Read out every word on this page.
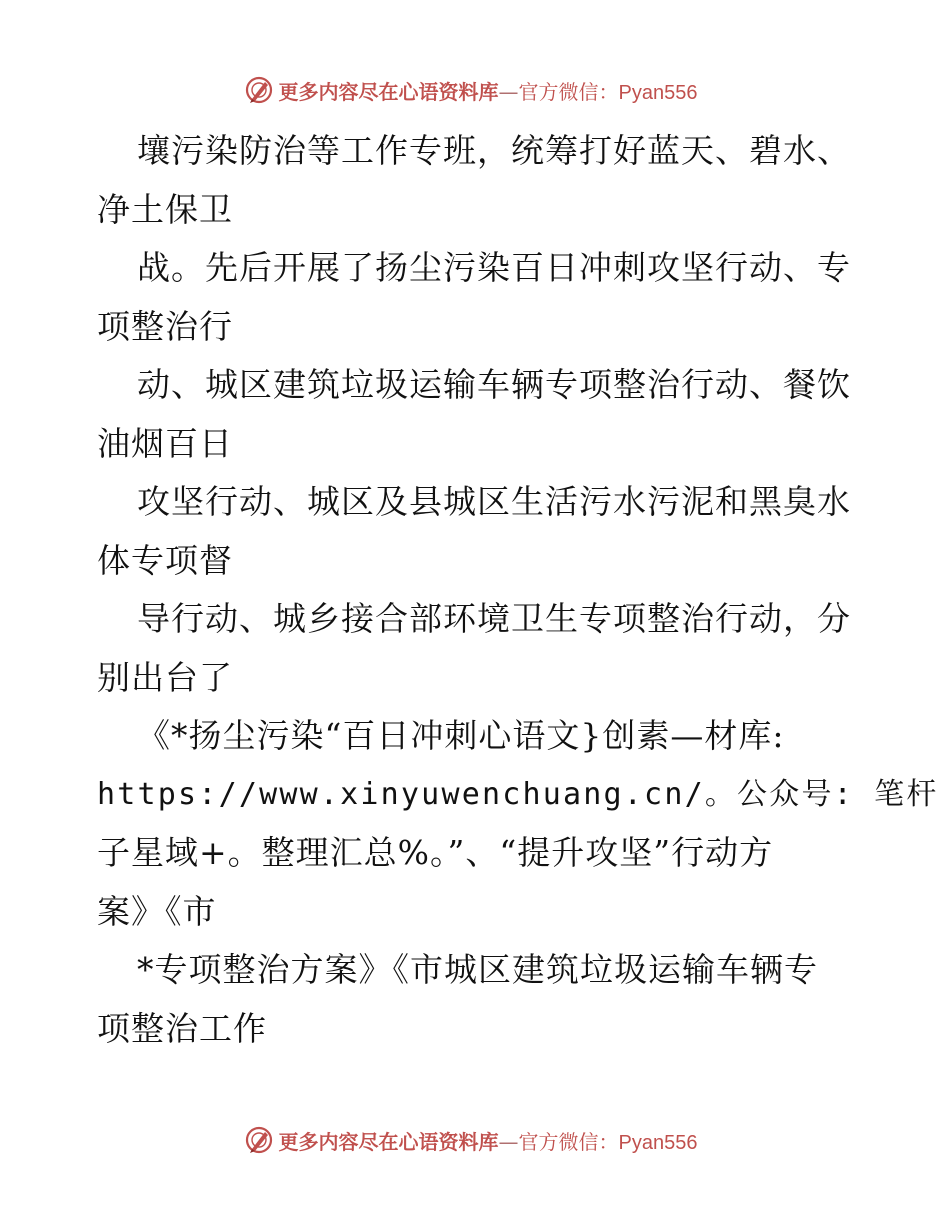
更多内容尽在心语资料库—官方微信：Pyan556
壤污染防治等工作专班，统筹打好蓝天、碧水、
净土保卫
战。先后开展了扬尘污染百日冲刺攻坚行动、专
项整治行
动、城区建筑垃圾运输车辆专项整治行动、餐饮
油烟百日
攻坚行动、城区及县城区生活污水污泥和黑臭水
体专项督
导行动、城乡接合部环境卫生专项整治行动，分
别出台了
《*扬尘污染“百日冲刺心语文}创素—材库:
https://www.xinyuwenchuang.cn/。公众号: 笔杆
子星域+。整理汇总%。”、“提升攻坚”行动方
案》《市
*专项整治方案》《市城区建筑垃圾运输车辆专
项整治工作
更多内容尽在心语资料库—官方微信：Pyan556
